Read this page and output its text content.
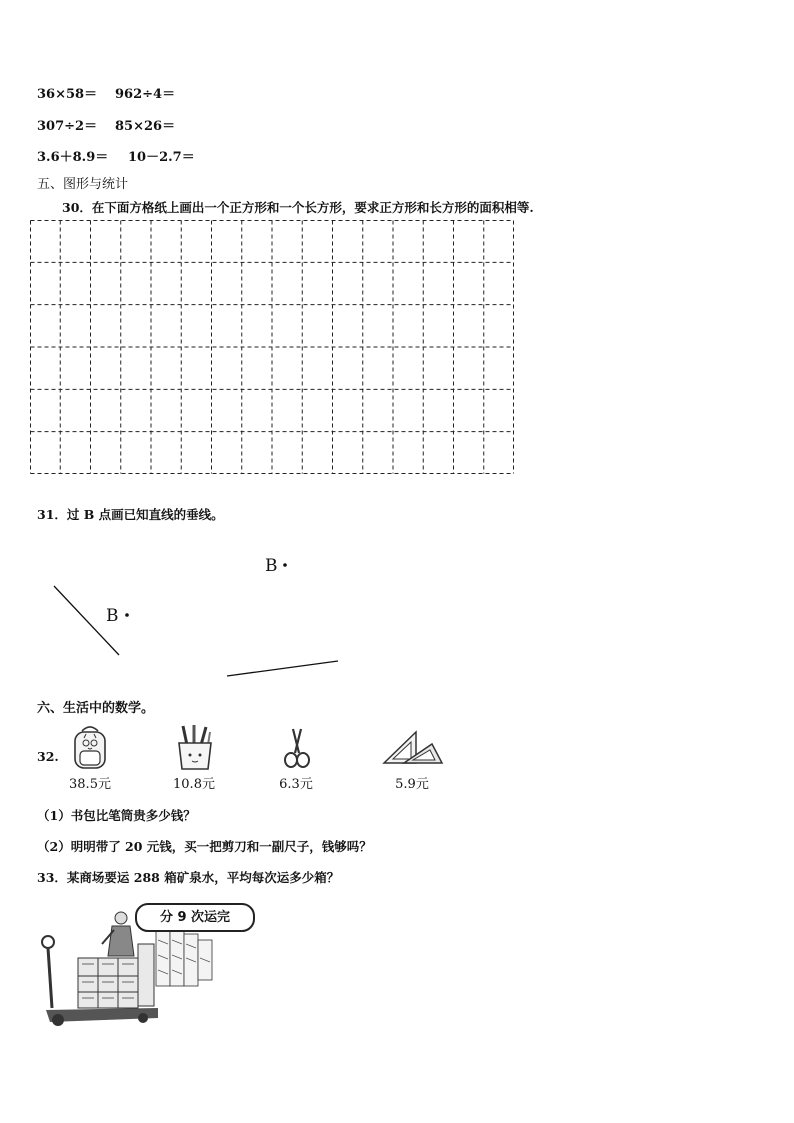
36×58＝ 962÷4＝
307÷2＝ 85×26＝
3.6＋8.9＝ 10－2.7＝
五、图形与统计
30．在下面方格纸上画出一个正方形和一个长方形，要求正方形和长方形的面积相等.
31．过 B 点画已知直线的垂线。
B
B
六、生活中的数学。
32.
38.5元	10.8元	6.3元	5.9元
（1）书包比笔筒贵多少钱？
（2）明明带了 20 元钱，买一把剪刀和一副尺子，钱够吗？
33．某商场要运 288 箱矿泉水，平均每次运多少箱？
分 9 次运完
